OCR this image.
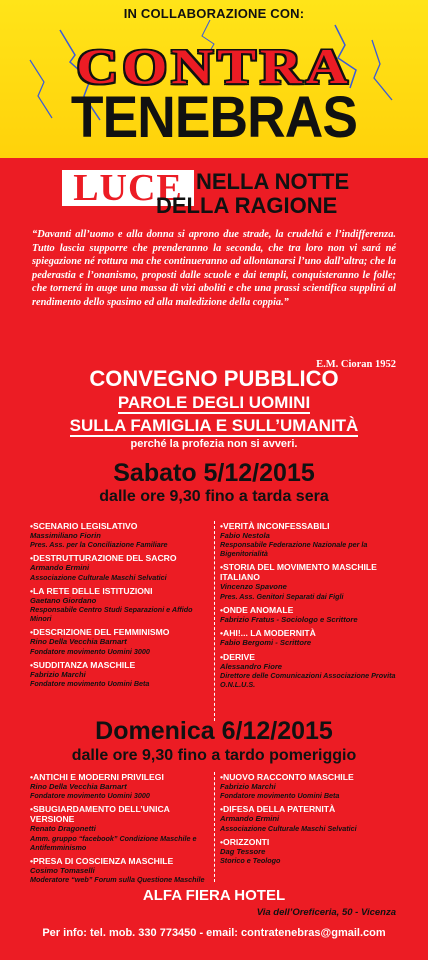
IN COLLABORAZIONE CON:
CONTRA
TENEBRAS
LUCE NELLA NOTTE
DELLA RAGIONE
“Davanti all’uomo e alla donna si aprono due strade, la crudeltá e l’indifferenza. Tutto lascia supporre che prenderanno la seconda, che tra loro non vi sará né spiegazione né rottura ma che continueranno ad allontanarsi l’uno dall’altra; che la pederastia e l’onanismo, proposti dalle scuole e dai templi, conquisteranno le folle; che tornerá in auge una massa di vizi aboliti e che una prassi scientifica supplirá al rendimento dello spasimo ed alla maledizione della coppia.”
E.M. Cioran 1952
CONVEGNO PUBBLICO
PAROLE DEGLI UOMINI
SULLA FAMIGLIA E SULL’UMANITÀ
perché la profezia non si avveri.
Sabato 5/12/2015
dalle ore 9,30 fino a tarda sera
• SCENARIO LEGISLATIVO
Massimiliano Fiorin
Pres. Ass. per la Conciliazione Familiare
• DESTRUTTURAZIONE DEL SACRO
Armando Ermini
Associazione Culturale Maschi Selvatici
• LA RETE DELLE ISTITUZIONI
Gaetano Giordano
Responsabile Centro Studi Separazioni e Affido Minori
• DESCRIZIONE DEL FEMMINISMO
Rino Della Vecchia Barnart
Fondatore movimento Uomini 3000
• SUDDITANZA MASCHILE
Fabrizio Marchi
Fondatore movimento Uomini Beta
• VERITÀ INCONFESSABILI
Fabio Nestola
Responsabile Federazione Nazionale per la Bigenitorialità
• STORIA DEL MOVIMENTO MASCHILE ITALIANO
Vincenzo Spavone
Pres. Ass. Genitori Separati dai Figli
• ONDE ANOMALE
Fabrizio Fratus - Sociologo e Scrittore
• AHI!... LA MODERNITÀ
Fabio Bergomi - Scrittore
• DERIVE
Alessandro Fiore
Direttore delle Comunicazioni Associazione Provita O.N.L.U.S.
Domenica 6/12/2015
dalle ore 9,30 fino a tardo pomeriggio
• ANTICHI E MODERNI PRIVILEGI
Rino Della Vecchia Barnart
Fondatore movimento Uomini 3000
• SBUGIARDAMENTO DELL’UNICA VERSIONE
Renato Dragonetti
Amm. gruppo “facebook” Condizione Maschile e Antifemminismo
• PRESA DI COSCIENZA MASCHILE
Cosimo Tomaselli
Moderatore “web” Forum sulla Questione Maschile
• NUOVO RACCONTO MASCHILE
Fabrizio Marchi
Fondatore movimento Uomini Beta
• DIFESA DELLA PATERNITÀ
Armando Ermini
Associazione Culturale Maschi Selvatici
• ORIZZONTI
Dag Tessore
Storico e Teologo
ALFA FIERA HOTEL
Via dell’Oreficeria, 50 - Vicenza
Per info: tel. mob. 330 773450 - email: contratenebras@gmail.com
